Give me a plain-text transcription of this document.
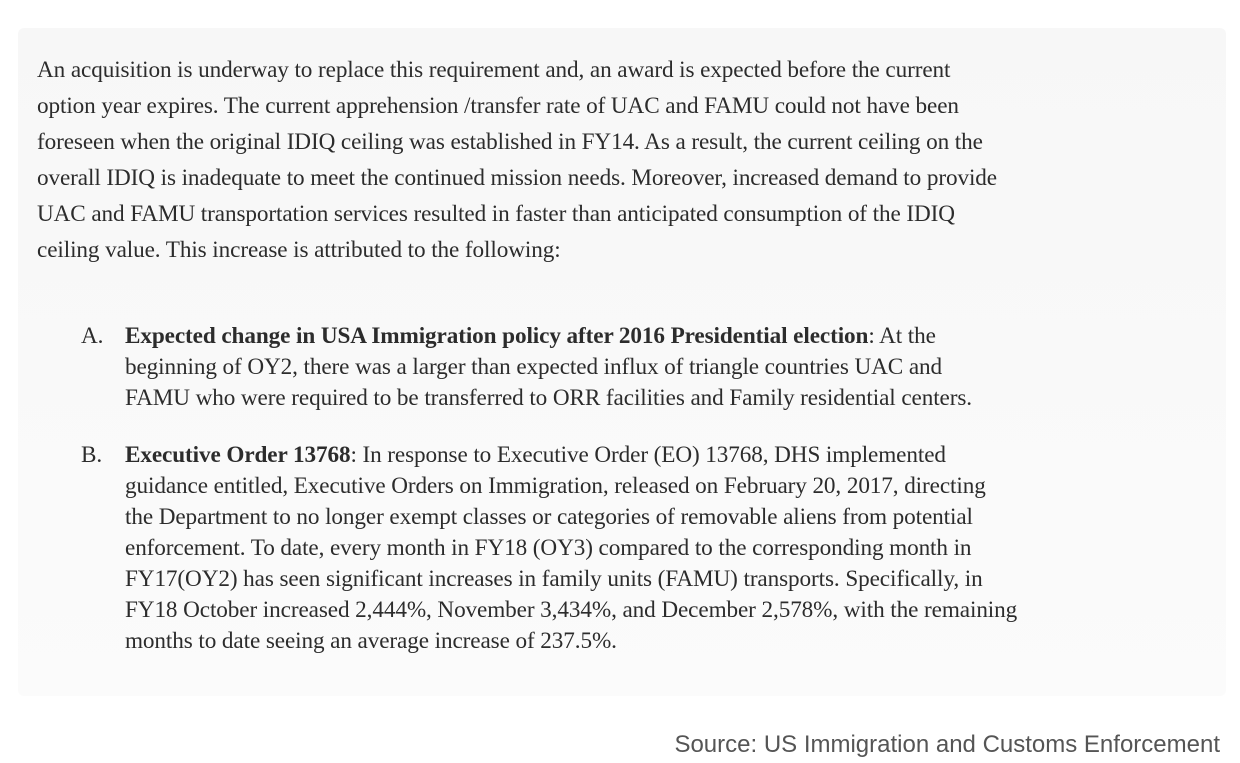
An acquisition is underway to replace this requirement and, an award is expected before the current
option year expires. The current apprehension /transfer rate of UAC and FAMU could not have been
foreseen when the original IDIQ ceiling was established in FY14. As a result, the current ceiling on the
overall IDIQ is inadequate to meet the continued mission needs. Moreover, increased demand to provide
UAC and FAMU transportation services resulted in faster than anticipated consumption of the IDIQ
ceiling value. This increase is attributed to the following:

A. Expected change in USA Immigration policy after 2016 Presidential election: At the
beginning of OY2, there was a larger than expected influx of triangle countries UAC and
FAMU who were required to be transferred to ORR facilities and Family residential centers.
B. Executive Order 13768: In response to Executive Order (EO) 13768, DHS implemented
guidance entitled, Executive Orders on Immigration, released on February 20, 2017, directing
the Department to no longer exempt classes or categories of removable aliens from potential
enforcement. To date, every month in FY18 (OY3) compared to the corresponding month in
FY17(OY2) has seen significant increases in family units (FAMU) transports. Specifically, in
FY18 October increased 2,444%, November 3,434%, and December 2,578%, with the remaining
months to date seeing an average increase of 237.5%.
Source: US Immigration and Customs Enforcement
